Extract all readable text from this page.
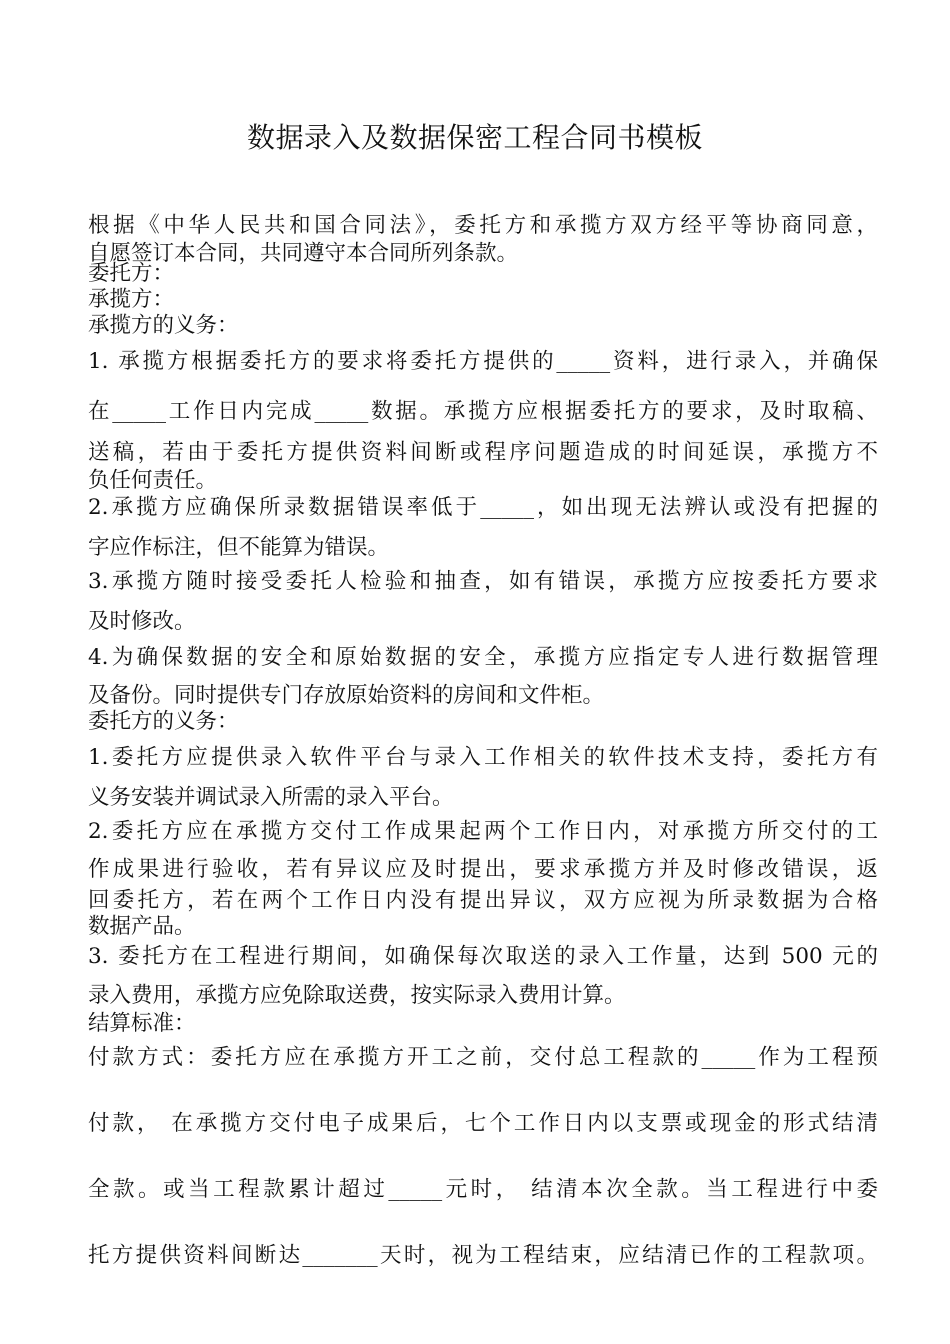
数据录入及数据保密工程合同书模板
根据《中华人民共和国合同法》，委托方和承揽方双方经平等协商同意，
自愿签订本合同，共同遵守本合同所列条款。
委托方：
承揽方：
承揽方的义务：
1. 承揽方根据委托方的要求将委托方提供的_____资料，进行录入，并确保
在_____工作日内完成_____数据。承揽方应根据委托方的要求，及时取稿、
送稿，若由于委托方提供资料间断或程序问题造成的时间延误，承揽方不
负任何责任。
2.承揽方应确保所录数据错误率低于_____，如出现无法辨认或没有把握的
字应作标注，但不能算为错误。
3.承揽方随时接受委托人检验和抽查，如有错误，承揽方应按委托方要求
及时修改。
4.为确保数据的安全和原始数据的安全，承揽方应指定专人进行数据管理
及备份。同时提供专门存放原始资料的房间和文件柜。
委托方的义务：
1.委托方应提供录入软件平台与录入工作相关的软件技术支持，委托方有
义务安装并调试录入所需的录入平台。
2.委托方应在承揽方交付工作成果起两个工作日内，对承揽方所交付的工
作成果进行验收，若有异议应及时提出，要求承揽方并及时修改错误，返
回委托方，若在两个工作日内没有提出异议，双方应视为所录数据为合格
数据产品。
3. 委托方在工程进行期间，如确保每次取送的录入工作量，达到 500 元的
录入费用，承揽方应免除取送费，按实际录入费用计算。
结算标准：
付款方式：委托方应在承揽方开工之前，交付总工程款的_____作为工程预
付款， 在承揽方交付电子成果后，七个工作日内以支票或现金的形式结清
全款。或当工程款累计超过_____元时， 结清本次全款。当工程进行中委
托方提供资料间断达_______天时，视为工程结束，应结清已作的工程款项。
